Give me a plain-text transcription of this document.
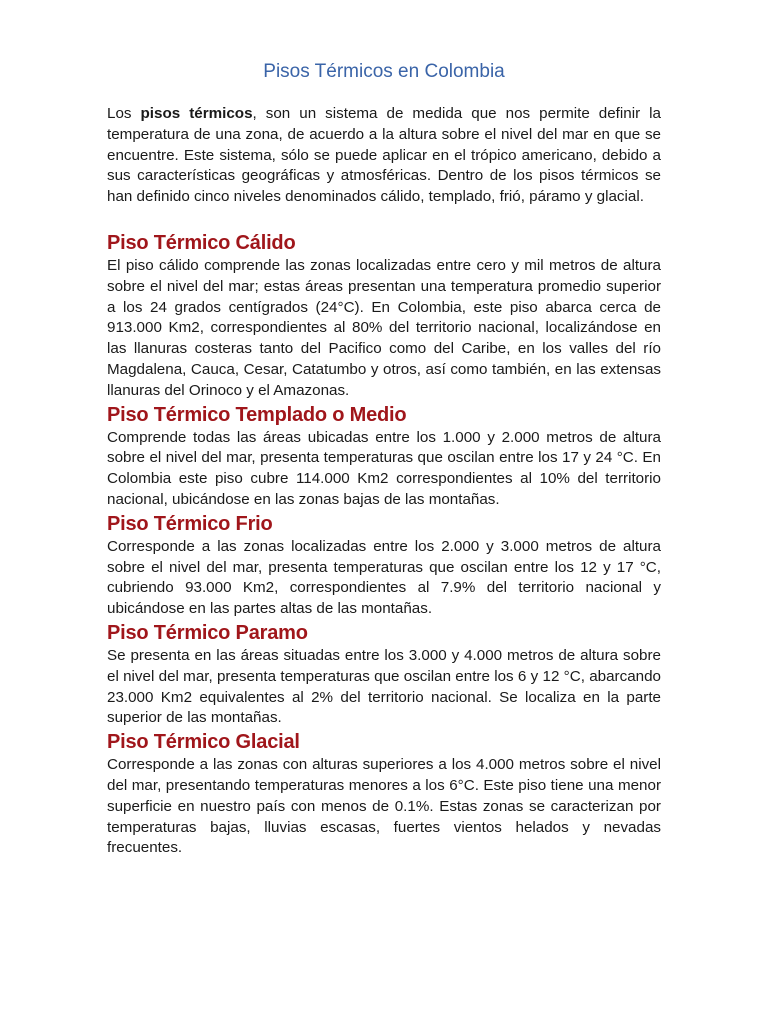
Pisos Térmicos en Colombia

Los pisos térmicos, son un sistema de medida que nos permite definir la temperatura de una zona, de acuerdo a la altura sobre el nivel del mar en que se encuentre. Este sistema, sólo se puede aplicar en el trópico americano, debido a sus características geográficas y atmosféricas. Dentro de los pisos térmicos se han definido cinco niveles denominados cálido, templado, frió, páramo y glacial.

Piso Térmico Cálido

El piso cálido comprende las zonas localizadas entre cero y mil metros de altura sobre el nivel del mar; estas áreas presentan una temperatura promedio superior a los 24 grados centígrados (24°C). En Colombia, este piso abarca cerca de 913.000 Km2, correspondientes al 80% del territorio nacional, localizándose en las llanuras costeras tanto del Pacifico como del Caribe, en los valles del río Magdalena, Cauca, Cesar, Catatumbo y otros, así como también, en las extensas llanuras del Orinoco y el Amazonas.

Piso Térmico Templado o Medio

Comprende todas las áreas ubicadas entre los 1.000 y 2.000 metros de altura sobre el nivel del mar, presenta temperaturas que oscilan entre los 17 y 24 °C. En Colombia este piso cubre 114.000 Km2 correspondientes al 10% del territorio nacional, ubicándose en las zonas bajas de las montañas.

Piso Térmico Frio

Corresponde a las zonas localizadas entre los 2.000 y 3.000 metros de altura sobre el nivel del mar, presenta temperaturas que oscilan entre los 12 y 17 °C, cubriendo 93.000 Km2, correspondientes al 7.9% del territorio nacional y ubicándose en las partes altas de las montañas.

Piso Térmico Paramo

Se presenta en las áreas situadas entre los 3.000 y 4.000 metros de altura sobre el nivel del mar, presenta temperaturas que oscilan entre los 6 y 12 °C, abarcando 23.000 Km2 equivalentes al 2% del territorio nacional. Se localiza en la parte superior de las montañas.

Piso Térmico Glacial

Corresponde a las zonas con alturas superiores a los 4.000 metros sobre el nivel del mar, presentando temperaturas menores a los 6°C. Este piso tiene una menor superficie en nuestro país con menos de 0.1%. Estas zonas se caracterizan por temperaturas bajas, lluvias escasas, fuertes vientos helados y nevadas frecuentes.
